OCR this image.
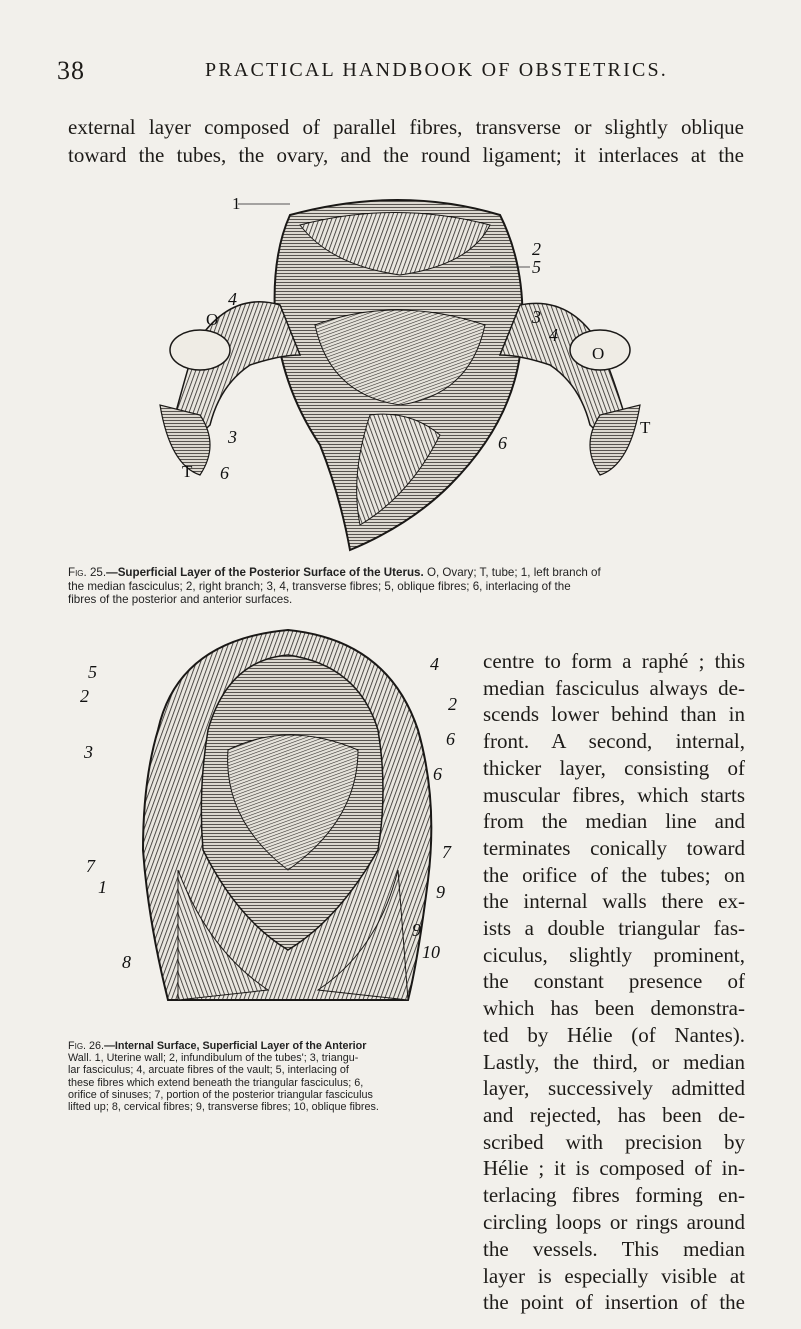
38	PRACTICAL HANDBOOK OF OBSTETRICS.
external layer composed of parallel fibres, transverse or slightly oblique
toward the tubes, the ovary, and the round ligament; it interlaces at the
1
2
5
4
O	3
4
O
T
T
3
6
6
Fig. 25.—Superficial Layer of the Posterior Surface of the Uterus. O, Ovary; T, tube; 1, left branch of
the median fasciculus; 2, right branch; 3, 4, transverse fibres; 5, oblique fibres; 6, interlacing of the
fibres of the posterior and anterior surfaces.
5
2
3
7
1
8
4
2
6
6
7
9
9
10
Fig. 26.—Internal Surface, Superficial Layer of the Anterior
Wall. 1, Uterine wall; 2, infundibulum of the tubes'; 3, triangu-
lar fasciculus; 4, arcuate fibres of the vault; 5, interlacing of
these fibres which extend beneath the triangular fasciculus; 6,
orifice of sinuses; 7, portion of the posterior triangular fasciculus
lifted up; 8, cervical fibres; 9, transverse fibres; 10, oblique fibres.
centre to form a raphé ; this
median fasciculus always de-
scends lower behind than in
front. A second, internal,
thicker layer, consisting of
muscular fibres, which starts
from the median line and
terminates conically toward
the orifice of the tubes; on
the internal walls there ex-
ists a double triangular fas-
ciculus, slightly prominent,
the constant presence of
which has been demonstra-
ted by Hélie (of Nantes).
Lastly, the third, or median
layer, successively admitted
and rejected, has been de-
scribed with precision by
Hélie ; it is composed of in-
terlacing fibres forming en-
circling loops or rings around
the vessels. This median
layer is especially visible at
the point of insertion of the
